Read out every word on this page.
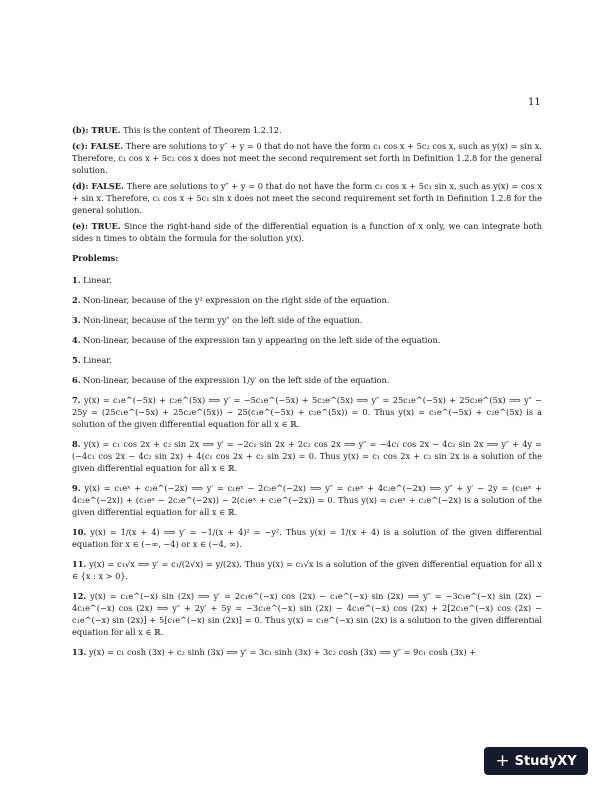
11

(b): TRUE. This is the content of Theorem 1.2.12.

(c): FALSE. There are solutions to y″ + y = 0 that do not have the form c₁ cos x + 5c₂ cos x, such as y(x) = sin x. Therefore, c₁ cos x + 5c₂ cos x does not meet the second requirement set forth in Definition 1.2.8 for the general solution.

(d): FALSE. There are solutions to y″ + y = 0 that do not have the form c₁ cos x + 5c₁ sin x, such as y(x) = cos x + sin x. Therefore, c₁ cos x + 5c₁ sin x does not meet the second requirement set forth in Definition 1.2.8 for the general solution.

(e): TRUE. Since the right-hand side of the differential equation is a function of x only, we can integrate both sides n times to obtain the formula for the solution y(x).

Problems:

1. Linear.

2. Non-linear, because of the y² expression on the right side of the equation.

3. Non-linear, because of the term yy″ on the left side of the equation.

4. Non-linear, because of the expression tan y appearing on the left side of the equation.

5. Linear.

6. Non-linear, because of the expression 1/y′ on the left side of the equation.

7. y(x) = c₁e^(−5x) + c₂e^(5x) ⟹ y′ = −5c₁e^(−5x) + 5c₂e^(5x) ⟹ y″ = 25c₁e^(−5x) + 25c₂e^(5x) ⟹ y″ − 25y = (25c₁e^(−5x) + 25c₂e^(5x)) − 25(c₁e^(−5x) + c₂e^(5x)) = 0. Thus y(x) = c₁e^(−5x) + c₂e^(5x) is a solution of the given differential equation for all x ∈ ℝ.

8. y(x) = c₁ cos 2x + c₂ sin 2x ⟹ y′ = −2c₁ sin 2x + 2c₂ cos 2x ⟹ y″ = −4c₁ cos 2x − 4c₂ sin 2x ⟹ y″ + 4y = (−4c₁ cos 2x − 4c₂ sin 2x) + 4(c₁ cos 2x + c₂ sin 2x) = 0. Thus y(x) = c₁ cos 2x + c₂ sin 2x is a solution of the given differential equation for all x ∈ ℝ.

9. y(x) = c₁eˣ + c₂e^(−2x) ⟹ y′ = c₁eˣ − 2c₂e^(−2x) ⟹ y″ = c₁eˣ + 4c₂e^(−2x) ⟹ y″ + y′ − 2y = (c₁eˣ + 4c₂e^(−2x)) + (c₁eˣ − 2c₂e^(−2x)) − 2(c₁eˣ + c₂e^(−2x)) = 0. Thus y(x) = c₁eˣ + c₂e^(−2x) is a solution of the given differential equation for all x ∈ ℝ.

10. y(x) = 1/(x + 4) ⟹ y′ = −1/(x + 4)² = −y². Thus y(x) = 1/(x + 4) is a solution of the given differential equation for x ∈ (−∞, −4) or x ∈ (−4, ∞).

11. y(x) = c₁√x ⟹ y′ = c₁/(2√x) = y/(2x). Thus y(x) = c₁√x is a solution of the given differential equation for all x ∈ {x : x > 0}.

12. y(x) = c₁e^(−x) sin (2x) ⟹ y′ = 2c₁e^(−x) cos (2x) − c₁e^(−x) sin (2x) ⟹ y″ = −3c₁e^(−x) sin (2x) − 4c₁e^(−x) cos (2x) ⟹ y″ + 2y′ + 5y = −3c₁e^(−x) sin (2x) − 4c₁e^(−x) cos (2x) + 2[2c₁e^(−x) cos (2x) − c₁e^(−x) sin (2x)] + 5[c₁e^(−x) sin (2x)] = 0. Thus y(x) = c₁e^(−x) sin (2x) is a solution to the given differential equation for all x ∈ ℝ.

13. y(x) = c₁ cosh (3x) + c₂ sinh (3x) ⟹ y′ = 3c₁ sinh (3x) + 3c₂ cosh (3x) ⟹ y″ = 9c₁ cosh (3x) +

+ StudyXY
